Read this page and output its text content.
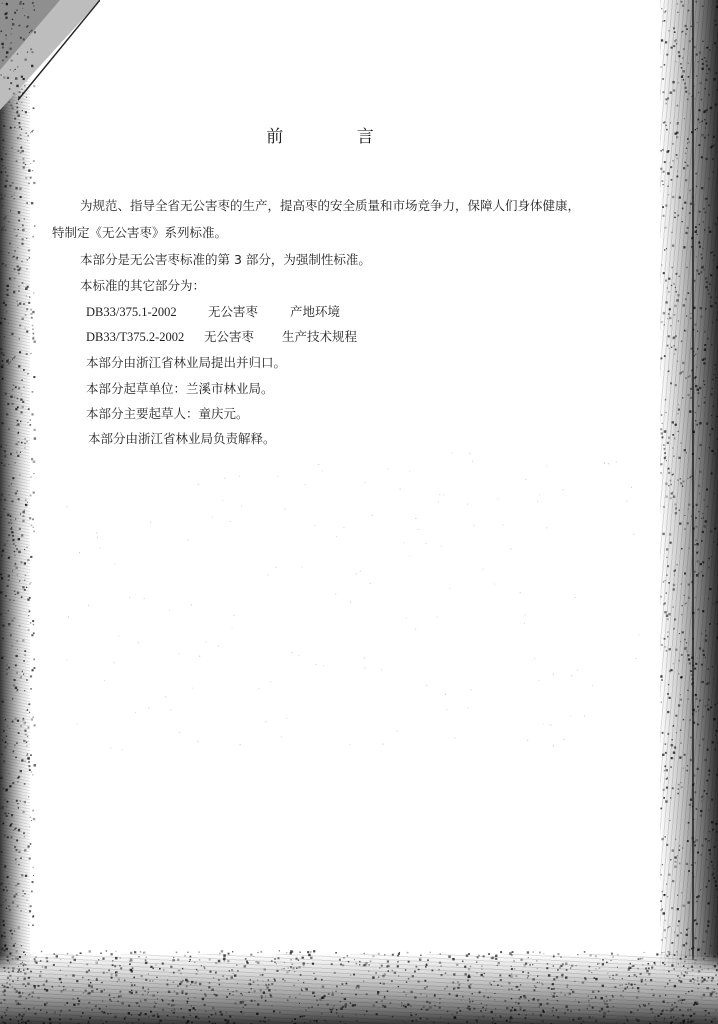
前 言
为规范、指导全省无公害枣的生产，提高枣的安全质量和市场竞争力，保障人们身体健康，
特制定《无公害枣》系列标准。
本部分是无公害枣标准的第 3 部分，为强制性标准。
本标准的其它部分为：
DB33/375.1-2002	无公害枣	产地环境
DB33/T375.2-2002 无公害枣 生产技术规程
本部分由浙江省林业局提出并归口。
本部分起草单位：兰溪市林业局。
本部分主要起草人：童庆元。
本部分由浙江省林业局负责解释。
